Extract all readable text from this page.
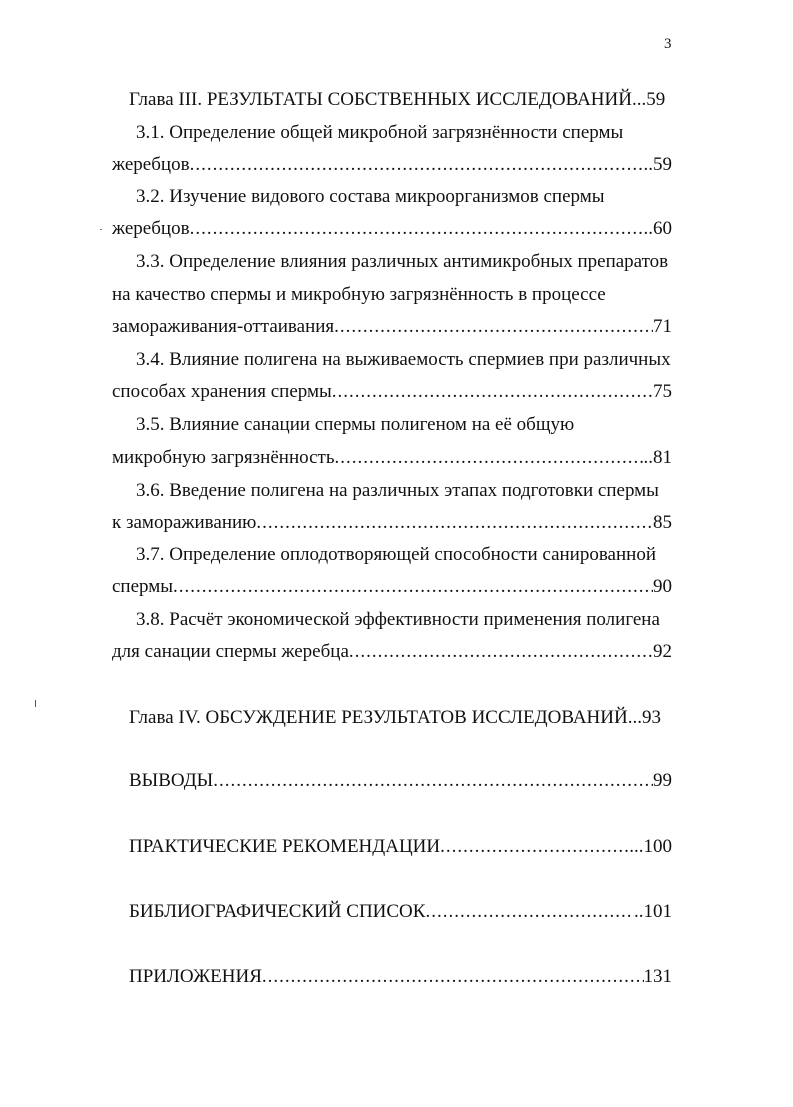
3
Глава III. РЕЗУЛЬТАТЫ СОБСТВЕННЫХ ИССЛЕДОВАНИЙ...59
3.1. Определение общей микробной загрязнённости спермы
жеребцов .....	..59
3.2. Изучение видового состава микроорганизмов спермы
жеребцов .....	..60
3.3. Определение влияния различных антимикробных препаратов
на качество спермы и микробную загрязнённость в процессе
замораживания-оттаивания .....	71
3.4. Влияние полигена на выживаемость спермиев при различных
способах хранения спермы .....	75
3.5. Влияние санации спермы полигеном на её общую
микробную загрязнённость .....	..81
3.6. Введение полигена на различных этапах подготовки спермы
к замораживанию .....	85
3.7. Определение оплодотворяющей способности санированной
спермы .....	90
3.8. Расчёт экономической эффективности применения полигена
для санации спермы жеребца .....	92
Глава IV. ОБСУЖДЕНИЕ РЕЗУЛЬТАТОВ ИССЛЕДОВАНИЙ...93
ВЫВОДЫ .....	99
ПРАКТИЧЕСКИЕ РЕКОМЕНДАЦИИ .....	...100
БИБЛИОГРАФИЧЕСКИЙ СПИСОК .....	..101
ПРИЛОЖЕНИЯ .....	131
